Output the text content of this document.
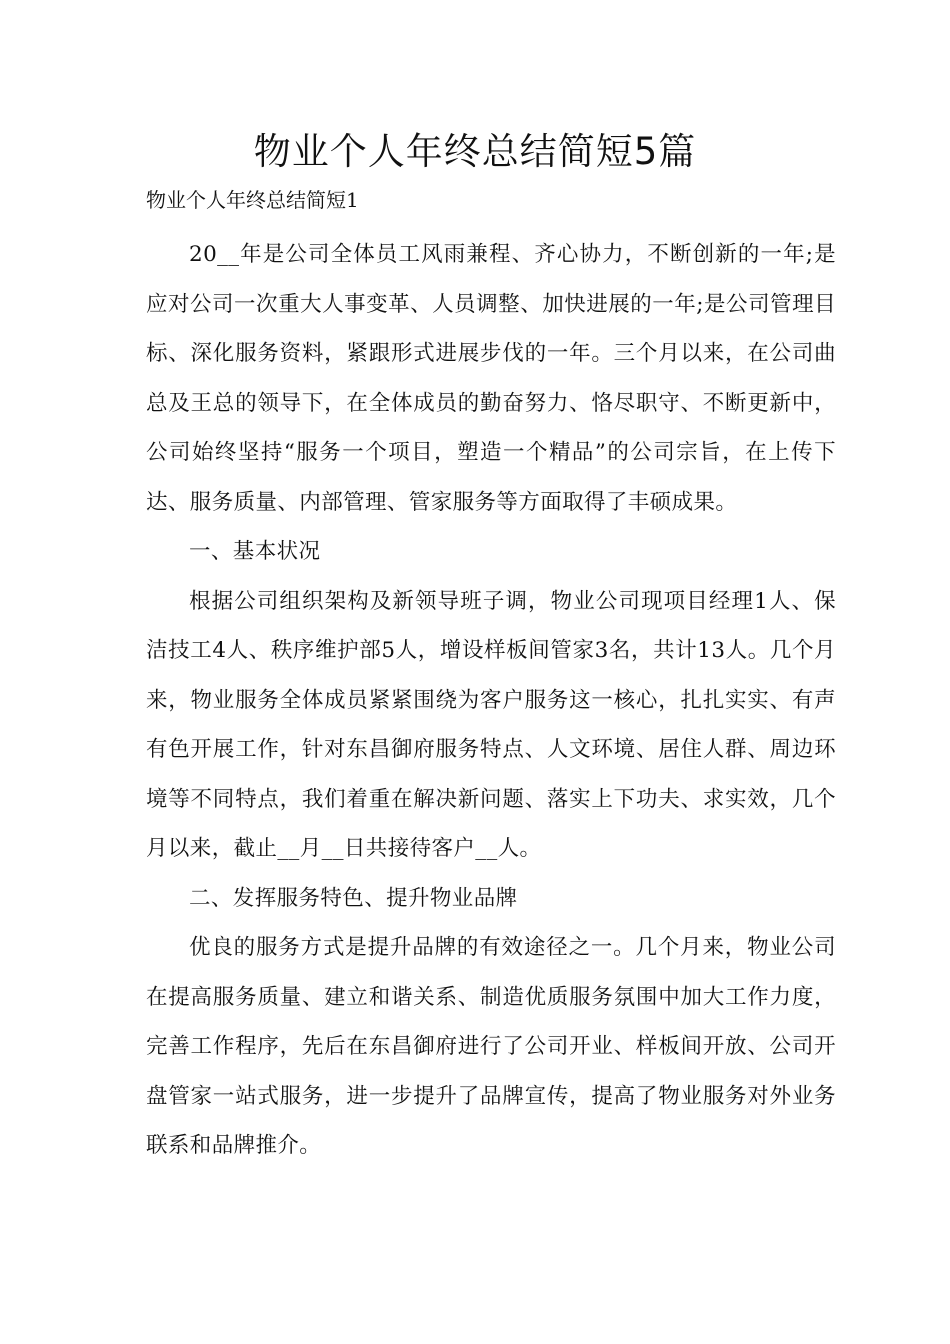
物业个人年终总结简短5篇

物业个人年终总结简短1

20__年是公司全体员工风雨兼程、齐心协力，不断创新的一年;是应对公司一次重大人事变革、人员调整、加快进展的一年;是公司管理目标、深化服务资料，紧跟形式进展步伐的一年。三个月以来，在公司曲总及王总的领导下，在全体成员的勤奋努力、恪尽职守、不断更新中，公司始终坚持“服务一个项目，塑造一个精品”的公司宗旨，在上传下达、服务质量、内部管理、管家服务等方面取得了丰硕成果。

一、基本状况

根据公司组织架构及新领导班子调，物业公司现项目经理1人、保洁技工4人、秩序维护部5人，增设样板间管家3名，共计13人。几个月来，物业服务全体成员紧紧围绕为客户服务这一核心，扎扎实实、有声有色开展工作，针对东昌御府服务特点、人文环境、居住人群、周边环境等不同特点，我们着重在解决新问题、落实上下功夫、求实效，几个月以来，截止__月__日共接待客户__人。

二、发挥服务特色、提升物业品牌

优良的服务方式是提升品牌的有效途径之一。几个月来，物业公司在提高服务质量、建立和谐关系、制造优质服务氛围中加大工作力度，完善工作程序，先后在东昌御府进行了公司开业、样板间开放、公司开盘管家一站式服务，进一步提升了品牌宣传，提高了物业服务对外业务联系和品牌推介。
